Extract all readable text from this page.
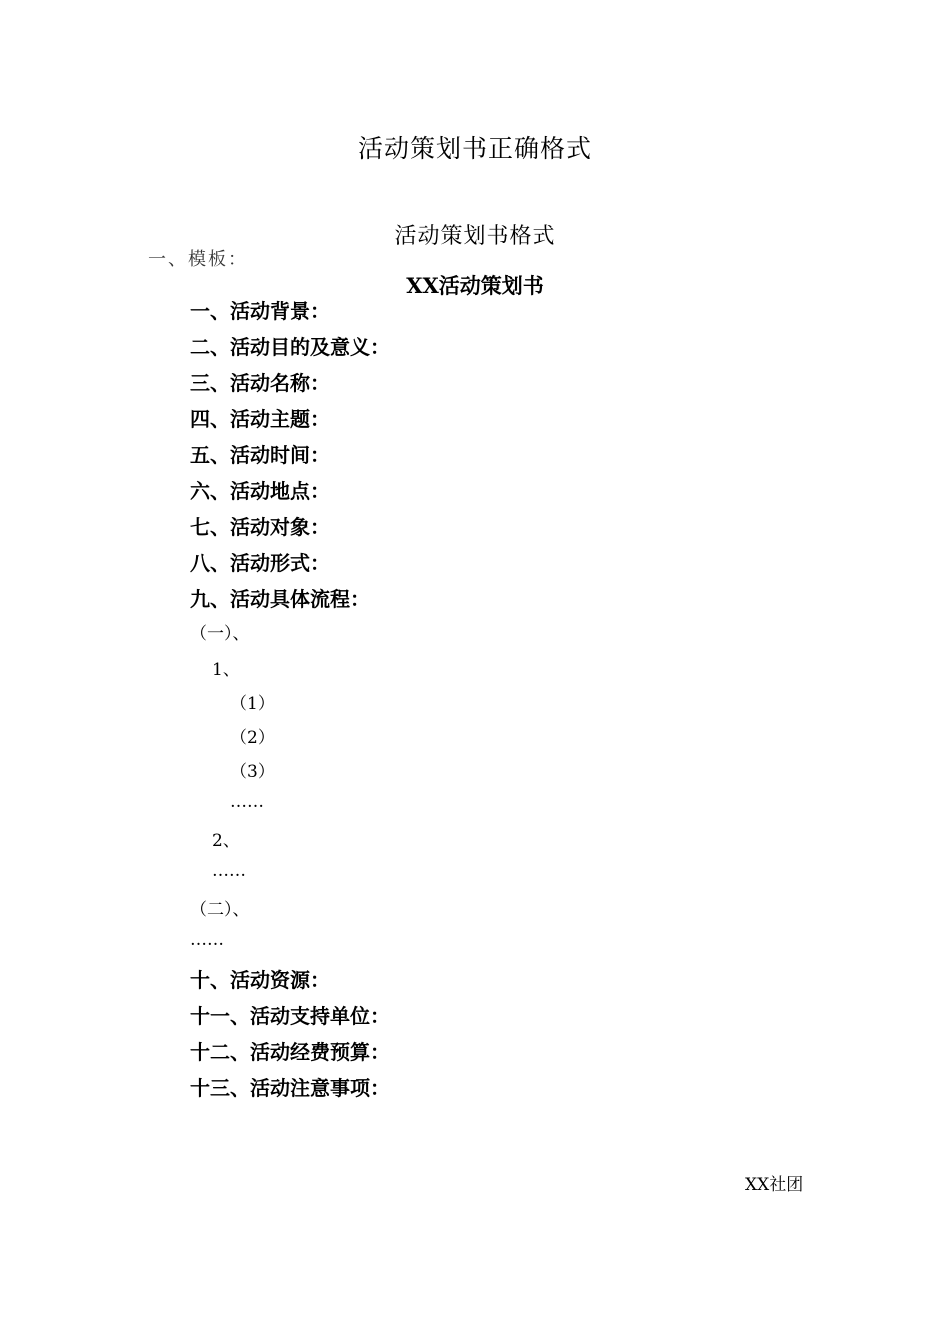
活动策划书正确格式
活动策划书格式
一、模板：
XX活动策划书
一、活动背景：
二、活动目的及意义：
三、活动名称：
四、活动主题：
五、活动时间：
六、活动地点：
七、活动对象：
八、活动形式：
九、活动具体流程：
（一）、
1、
（1）
（2）
（3）
……
2、
……
（二）、
……
十、活动资源：
十一、活动支持单位：
十二、活动经费预算：
十三、活动注意事项：
XX社团
